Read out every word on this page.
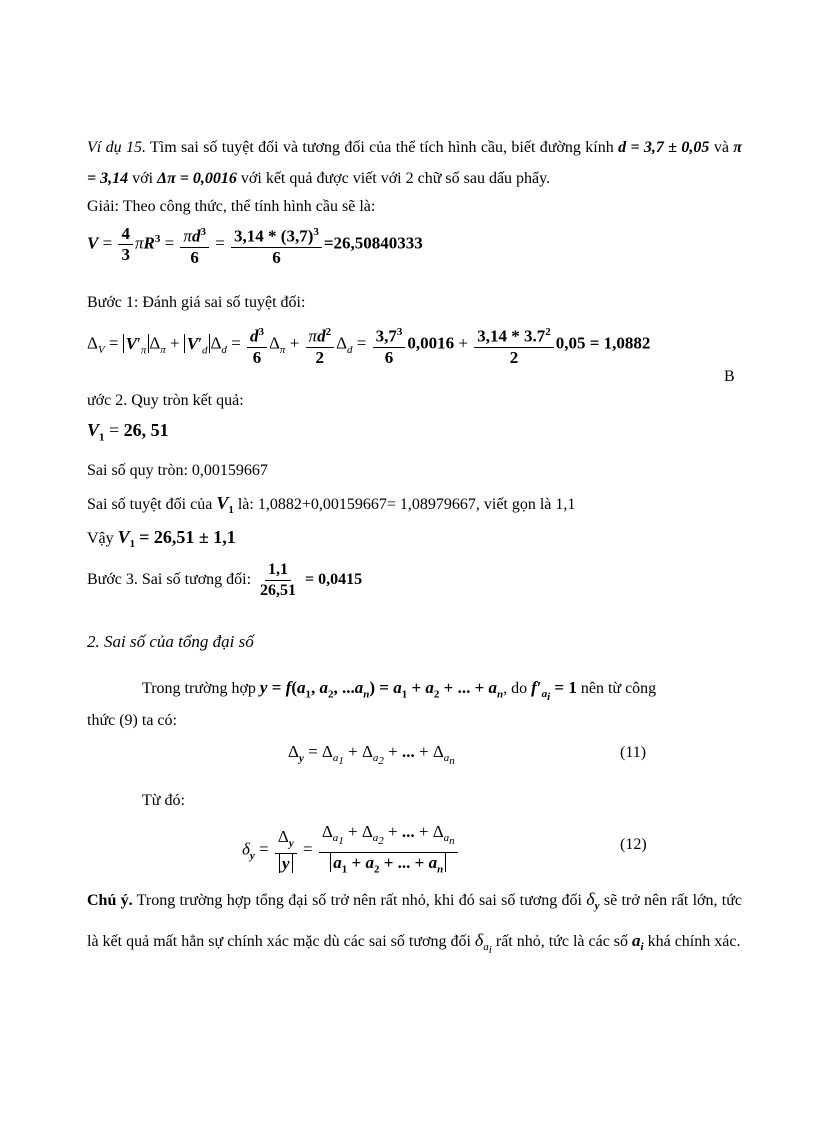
Ví dụ 15. Tìm sai số tuyệt đối và tương đối của thể tích hình cầu, biết đường kính d = 3,7 ± 0,05 và π = 3,14 với Δπ = 0,0016 với kết quả được viết với 2 chữ số sau dấu phẩy.
Giải: Theo công thức, thể tính hình cầu sẽ là:
$V = \frac{4}{3} \pi R^3 = \frac{\pi d^3}{6} = \frac{3,14 * (3,7)^3}{6} =26,50840333$
Bước 1: Đánh giá sai số tuyệt đối:
$\Delta_V = V'_\pi$ $\Delta_\pi + V'_d$ $\Delta_d = \frac{d^3}{6} \Delta_\pi + \frac{\pi d^2}{2} \Delta_d = \frac{3,7^3}{6} 0,0016 + \frac{3,14 * 3.7^2}{2} 0,05 = 1,0882$
B
ước 2. Quy tròn kết quả:
$V_1 = 26$, 51
Sai số quy tròn: 0,00159667
Sai số tuyệt đối của $V_1$ là: 1,0882+0,00159667= 1,08979667, viết gọn là 1,1
Vậy $V_1 = 26,51 \pm 1,1$
Bước 3. Sai số tương đối: $\frac{1,1}{26,51} = 0,0415$
2. Sai số của tổng đại số
Trong trường hợp $y = f(a_1$, $a_2$, $...a_n) = a_1 + a_2$ + ... + $a_n$, do $f'_{a_i} = 1$ nên từ công
thức (9) ta có:
$\Delta_y = \Delta_{a_1} + \Delta_{a_2}$ + ... + $\Delta_{a_n}$
(11)
Từ đó:
$\delta_y = \frac{\Delta_y}{y} = \frac{\Delta_{a_1} + \Delta_{a_2} + ... + \Delta_{a_n}}{a_1 + a_2 + ... + a_n}$	(12)
Chú ý. Trong trường hợp tổng đại số trở nên rất nhỏ, khi đó sai số tương đối $\delta_y$ sẽ trở nên rất lớn, tức là kết quả mất hẳn sự chính xác mặc dù các sai số tương đối $\delta_{a_i}$ rất nhỏ, tức là các số $a_i$ khá chính xác.
